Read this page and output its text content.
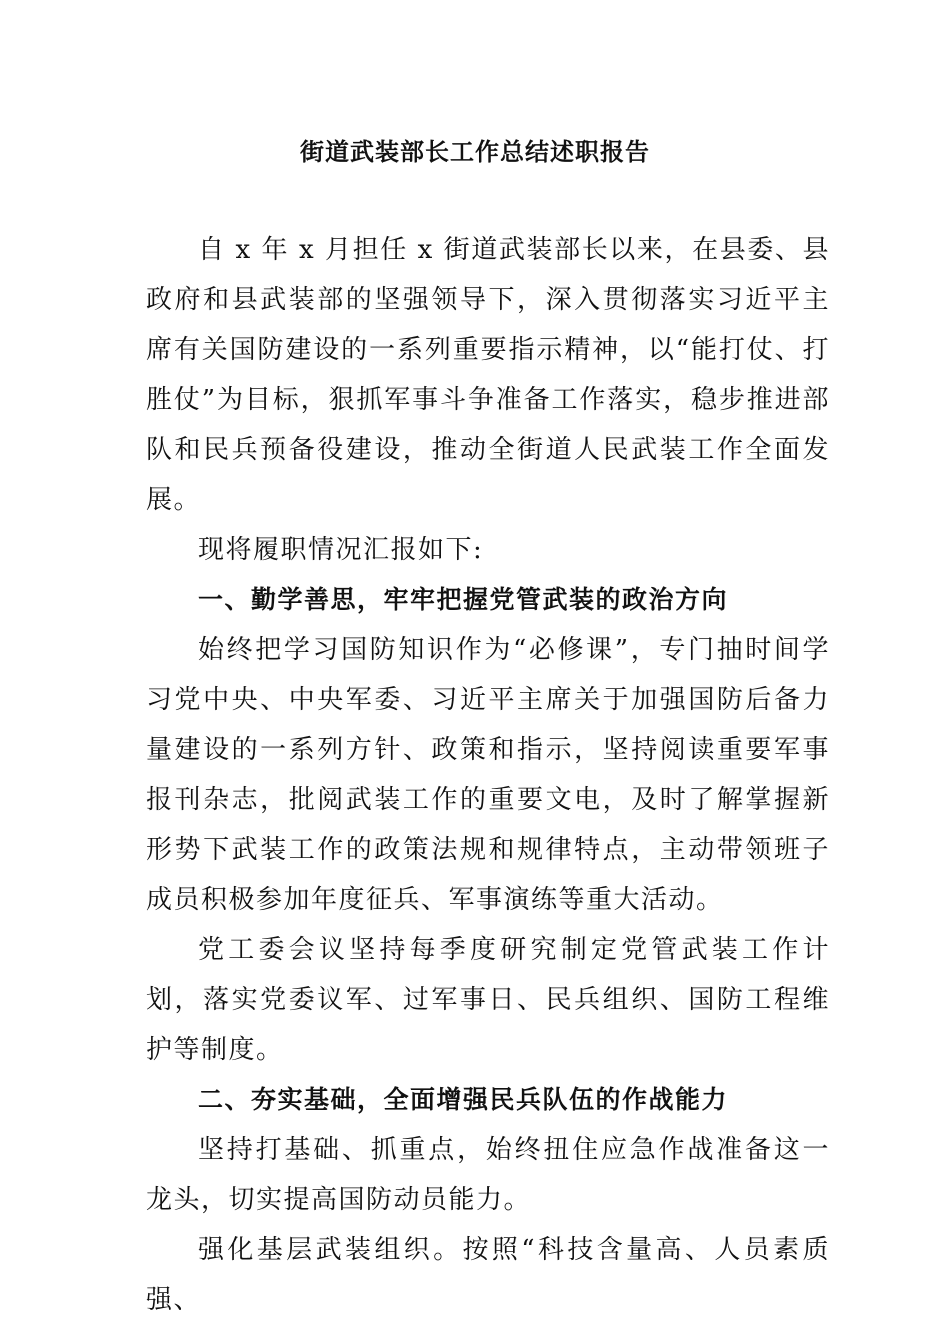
街道武装部长工作总结述职报告

自 x 年 x 月担任 x 街道武装部长以来，在县委、县政府和县武装部的坚强领导下，深入贯彻落实习近平主席有关国防建设的一系列重要指示精神，以“能打仗、打胜仗”为目标，狠抓军事斗争准备工作落实，稳步推进部队和民兵预备役建设，推动全街道人民武装工作全面发展。

现将履职情况汇报如下:

一、勤学善思，牢牢把握党管武装的政治方向

始终把学习国防知识作为“必修课”，专门抽时间学习党中央、中央军委、习近平主席关于加强国防后备力量建设的一系列方针、政策和指示，坚持阅读重要军事报刊杂志，批阅武装工作的重要文电，及时了解掌握新形势下武装工作的政策法规和规律特点，主动带领班子成员积极参加年度征兵、军事演练等重大活动。

党工委会议坚持每季度研究制定党管武装工作计划，落实党委议军、过军事日、民兵组织、国防工程维护等制度。

二、夯实基础，全面增强民兵队伍的作战能力

坚持打基础、抓重点，始终扭住应急作战准备这一龙头，切实提高国防动员能力。

强化基层武装组织。按照“科技含量高、人员素质强、
